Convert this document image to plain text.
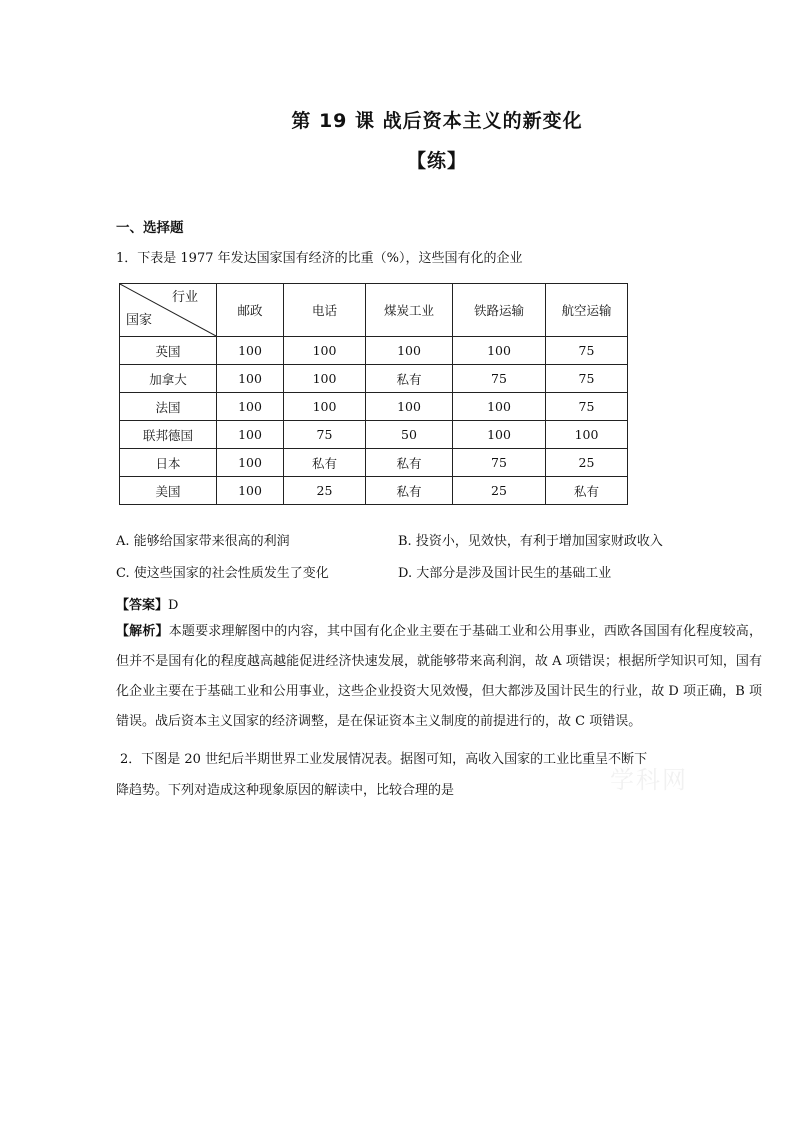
第 19 课 战后资本主义的新变化
【练】
一、选择题
1．下表是 1977 年发达国家国有经济的比重（%），这些国有化的企业
行业
国家	邮政	电话	煤炭工业	铁路运输	航空运输
英国	100	100	100	100	75
加拿大	100	100	私有	75	75
法国	100	100	100	100	75
联邦德国	100	75	50	100	100
日本	100	私有	私有	75	25
美国	100	25	私有	25	私有
A. 能够给国家带来很高的利润	B. 投资小，见效快，有利于增加国家财政收入
C. 使这些国家的社会性质发生了变化	D. 大部分是涉及国计民生的基础工业
【答案】D
【解析】本题要求理解图中的内容，其中国有化企业主要在于基础工业和公用事业，西欧各国国有化程度较高，但并不是国有化的程度越高越能促进经济快速发展，就能够带来高利润，故 A 项错误；根据所学知识可知，国有化企业主要在于基础工业和公用事业，这些企业投资大见效慢，但大都涉及国计民生的行业，故 D 项正确，B 项错误。战后资本主义国家的经济调整，是在保证资本主义制度的前提进行的，故 C 项错误。
2．下图是 20 世纪后半期世界工业发展情况表。据图可知，高收入国家的工业比重呈不断下
降趋势。下列对造成这种现象原因的解读中，比较合理的是	学科网
